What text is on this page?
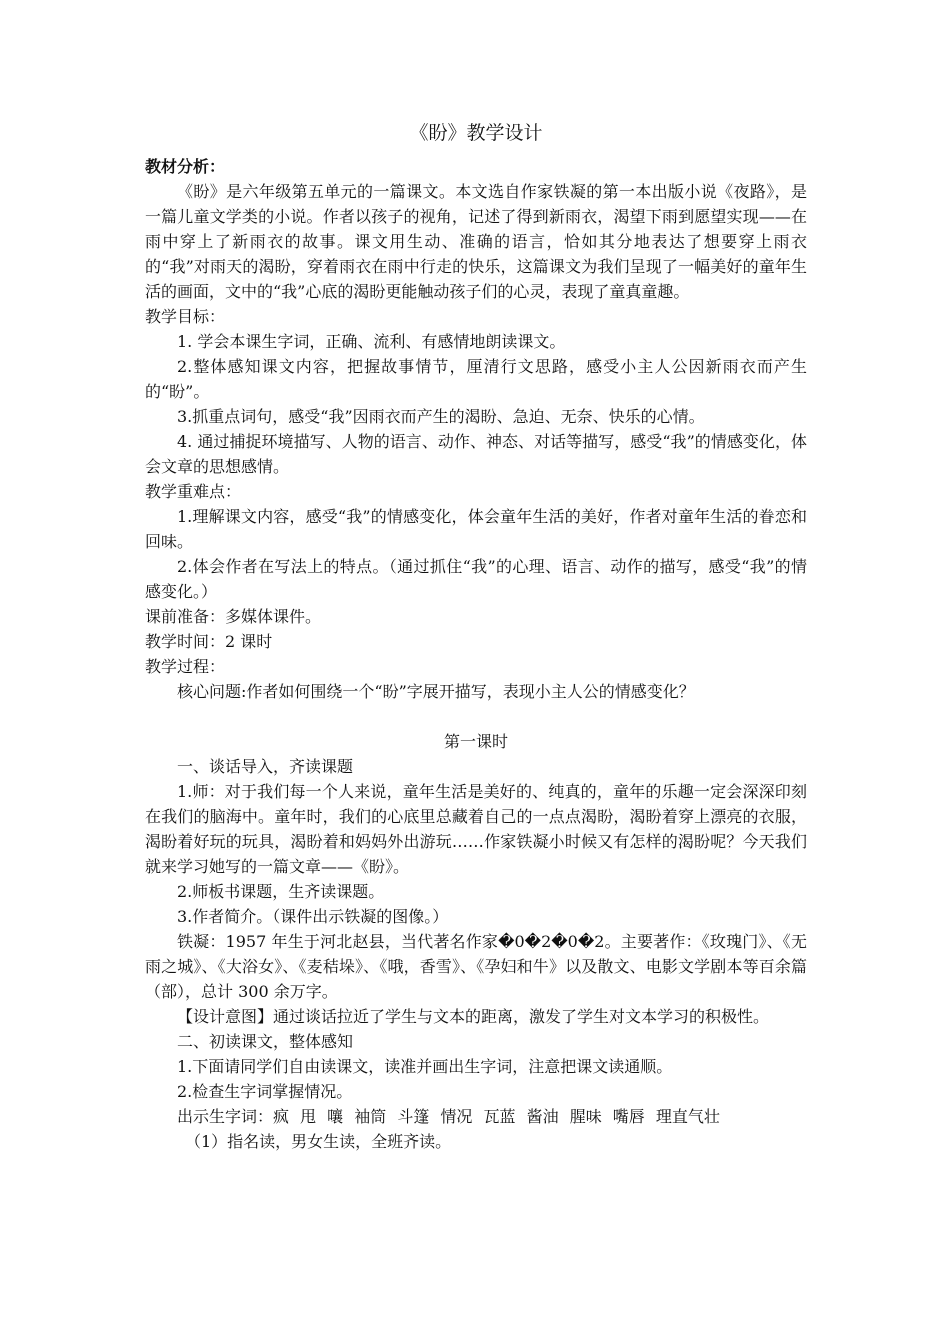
《盼》教学设计

教材分析：

《盼》是六年级第五单元的一篇课文。本文选自作家铁凝的第一本出版小说《夜路》，是一篇儿童文学类的小说。作者以孩子的视角，记述了得到新雨衣，渴望下雨到愿望实现——在雨中穿上了新雨衣的故事。课文用生动、准确的语言，恰如其分地表达了想要穿上雨衣的“我”对雨天的渴盼，穿着雨衣在雨中行走的快乐，这篇课文为我们呈现了一幅美好的童年生活的画面，文中的“我”心底的渴盼更能触动孩子们的心灵，表现了童真童趣。

教学目标：

1. 学会本课生字词，正确、流利、有感情地朗读课文。

2.整体感知课文内容，把握故事情节，厘清行文思路，感受小主人公因新雨衣而产生的“盼”。

3.抓重点词句，感受“我”因雨衣而产生的渴盼、急迫、无奈、快乐的心情。

4. 通过捕捉环境描写、人物的语言、动作、神态、对话等描写，感受“我”的情感变化，体会文章的思想感情。

教学重难点：

1.理解课文内容，感受“我”的情感变化，体会童年生活的美好，作者对童年生活的眷恋和回味。

2.体会作者在写法上的特点。（通过抓住“我”的心理、语言、动作的描写，感受“我”的情感变化。）

课前准备：多媒体课件。

教学时间：2 课时

教学过程：

核心问题:作者如何围绕一个“盼”字展开描写，表现小主人公的情感变化？

第一课时

一、谈话导入，齐读课题

1.师：对于我们每一个人来说，童年生活是美好的、纯真的，童年的乐趣一定会深深印刻在我们的脑海中。童年时，我们的心底里总藏着自己的一点点渴盼，渴盼着穿上漂亮的衣服，渴盼着好玩的玩具，渴盼着和妈妈外出游玩……作家铁凝小时候又有怎样的渴盼呢？今天我们就来学习她写的一篇文章——《盼》。

2.师板书课题，生齐读课题。

3.作者简介。（课件出示铁凝的图像。）

铁凝：1957 年生于河北赵县，当代著名作家�0�2�0�2。主要著作：《玫瑰门》、《无雨之城》、《大浴女》、《麦秸垛》、《哦，香雪》、《孕妇和牛》以及散文、电影文学剧本等百余篇（部），总计 300 余万字。

【设计意图】通过谈话拉近了学生与文本的距离，激发了学生对文本学习的积极性。

二、初读课文，整体感知

1.下面请同学们自由读课文，读准并画出生字词，注意把课文读通顺。

2.检查生字词掌握情况。

出示生字词：疯 甩 嚷 袖筒 斗篷 情况 瓦蓝 酱油 腥味 嘴唇 理直气壮

（1）指名读，男女生读，全班齐读。
